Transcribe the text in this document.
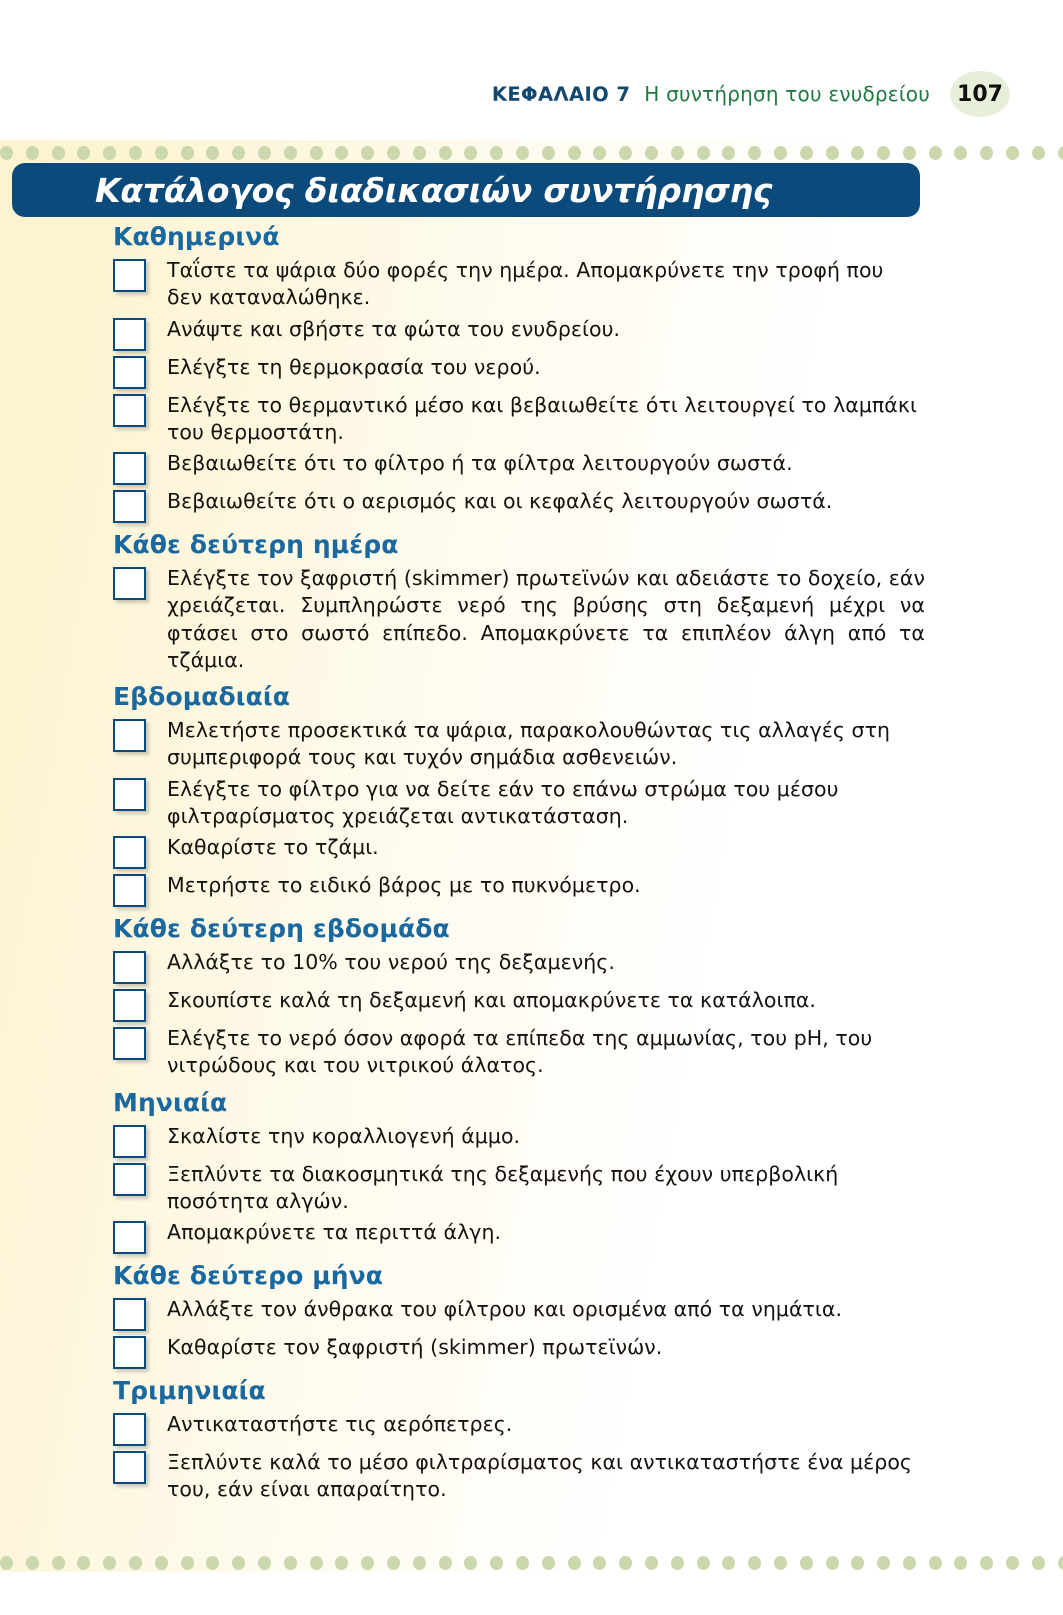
ΚΕΦΑΛΑΙΟ 7 Η συντήρηση του ενυδρείου	107
Κατάλογος διαδικασιών συντήρησης
Καθημερινά
Ταΐστε τα ψάρια δύο φορές την ημέρα. Απομακρύνετε την τροφή που δεν καταναλώθηκε.
Ανάψτε και σβήστε τα φώτα του ενυδρείου.
Ελέγξτε τη θερμοκρασία του νερού.
Ελέγξτε το θερμαντικό μέσο και βεβαιωθείτε ότι λειτουργεί το λαμπάκι του θερμοστάτη.
Βεβαιωθείτε ότι το φίλτρο ή τα φίλτρα λειτουργούν σωστά.
Βεβαιωθείτε ότι ο αερισμός και οι κεφαλές λειτουργούν σωστά.
Κάθε δεύτερη ημέρα
Ελέγξτε τον ξαφριστή (skimmer) πρωτεϊνών και αδειάστε το δοχείο, εάν χρειάζεται. Συμπληρώστε νερό της βρύσης στη δεξαμενή μέχρι να φτάσει στο σωστό επίπεδο. Απομακρύνετε τα επιπλέον άλγη από τα τζάμια.
Εβδομαδιαία
Μελετήστε προσεκτικά τα ψάρια, παρακολουθώντας τις αλλαγές στη συμπεριφορά τους και τυχόν σημάδια ασθενειών.
Ελέγξτε το φίλτρο για να δείτε εάν το επάνω στρώμα του μέσου φιλτραρίσματος χρειάζεται αντικατάσταση.
Καθαρίστε το τζάμι.
Μετρήστε το ειδικό βάρος με το πυκνόμετρο.
Κάθε δεύτερη εβδομάδα
Αλλάξτε το 10% του νερού της δεξαμενής.
Σκουπίστε καλά τη δεξαμενή και απομακρύνετε τα κατάλοιπα.
Ελέγξτε το νερό όσον αφορά τα επίπεδα της αμμωνίας, του pH, του νιτρώδους και του νιτρικού άλατος.
Μηνιαία
Σκαλίστε την κοραλλιογενή άμμο.
Ξεπλύντε τα διακοσμητικά της δεξαμενής που έχουν υπερβολική ποσότητα αλγών.
Απομακρύνετε τα περιττά άλγη.
Κάθε δεύτερο μήνα
Αλλάξτε τον άνθρακα του φίλτρου και ορισμένα από τα νημάτια.
Καθαρίστε τον ξαφριστή (skimmer) πρωτεϊνών.
Τριμηνιαία
Αντικαταστήστε τις αερόπετρες.
Ξεπλύντε καλά το μέσο φιλτραρίσματος και αντικαταστήστε ένα μέρος του, εάν είναι απαραίτητο.
